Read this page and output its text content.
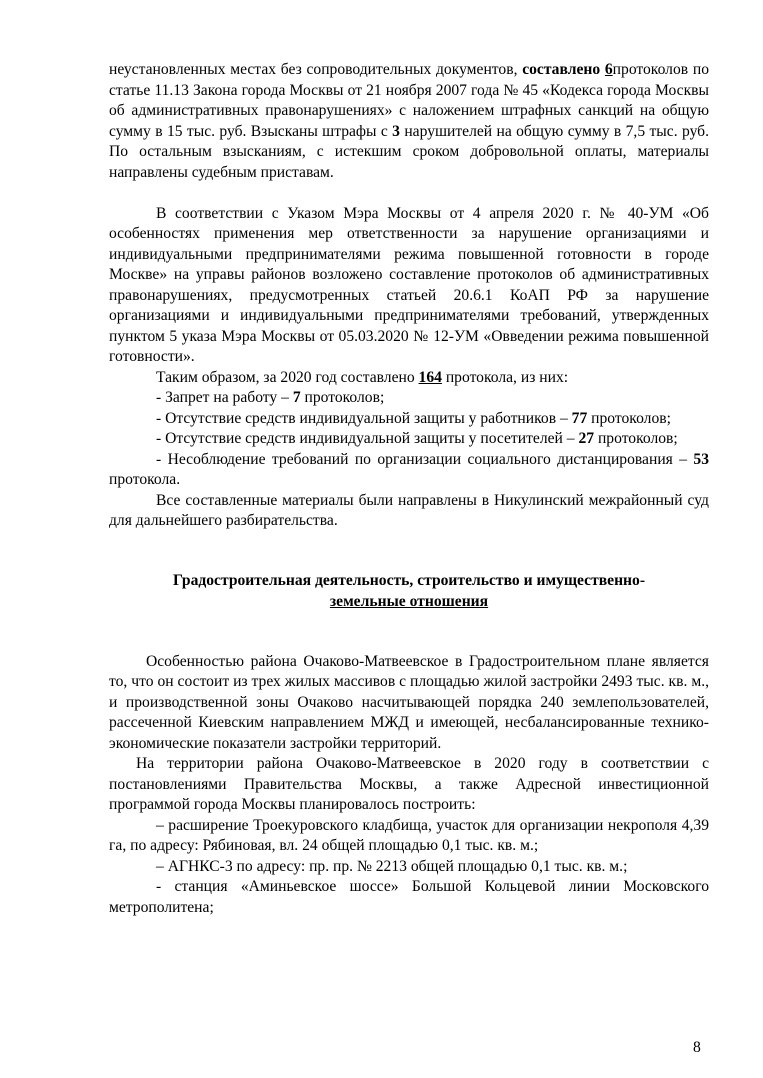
неустановленных местах без сопроводительных документов, составлено 6протоколов по статье 11.13 Закона города Москвы от 21 ноября 2007 года № 45 «Кодекса города Москвы об административных правонарушениях» с наложением штрафных санкций на общую сумму в 15 тыс. руб. Взысканы штрафы с 3 нарушителей на общую сумму в 7,5 тыс. руб. По остальным взысканиям, с истекшим сроком добровольной оплаты, материалы направлены судебным приставам.

В соответствии с Указом Мэра Москвы от 4 апреля 2020 г. № 40-УМ «Об особенностях применения мер ответственности за нарушение организациями и индивидуальными предпринимателями режима повышенной готовности в городе Москве» на управы районов возложено составление протоколов об административных правонарушениях, предусмотренных статьей 20.6.1 КоАП РФ за нарушение организациями и индивидуальными предпринимателями требований, утвержденных пунктом 5 указа Мэра Москвы от 05.03.2020 № 12-УМ «Овведении режима повышенной готовности».

Таким образом, за 2020 год составлено 164 протокола, из них:

- Запрет на работу – 7 протоколов;

- Отсутствие средств индивидуальной защиты у работников – 77 протоколов;

- Отсутствие средств индивидуальной защиты у посетителей – 27 протоколов;

- Несоблюдение требований по организации социального дистанцирования – 53 протокола.

Все составленные материалы были направлены в Никулинский межрайонный суд для дальнейшего разбирательства.

Градостроительная деятельность, строительство и имущественно-
земельные отношения

Особенностью района Очаково-Матвеевское в Градостроительном плане является то, что он состоит из трех жилых массивов с площадью жилой застройки 2493 тыс. кв. м., и производственной зоны Очаково насчитывающей порядка 240 землепользователей, рассеченной Киевским направлением МЖД и имеющей, несбалансированные технико-экономические показатели застройки территорий.

На территории района Очаково-Матвеевское в 2020 году в соответствии с постановлениями Правительства Москвы, а также Адресной инвестиционной программой города Москвы планировалось построить:

– расширение Троекуровского кладбища, участок для организации некрополя 4,39 га, по адресу: Рябиновая, вл. 24 общей площадью 0,1 тыс. кв. м.;

– АГНКС-3 по адресу: пр. пр. № 2213 общей площадью 0,1 тыс. кв. м.;

- станция «Аминьевское шоссе» Большой Кольцевой линии Московского метрополитена;

8
